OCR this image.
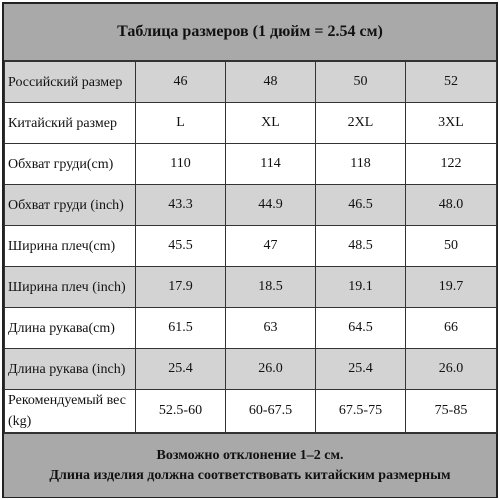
Таблица размеров (1 дюйм = 2.54 см)
Российский размер	46	48	50	52
Китайский размер	L	XL	2XL	3XL
Обхват груди(cm)	110	114	118	122
Обхват груди (inch)	43.3	44.9	46.5	48.0
Ширина плеч(cm)	45.5	47	48.5	50
Ширина плеч (inch)	17.9	18.5	19.1	19.7
Длина рукава(cm)	61.5	63	64.5	66
Длина рукава (inch)	25.4	26.0	25.4	26.0
Рекомендуемый вес (kg)	52.5-60	60-67.5	67.5-75	75-85
Возможно отклонение 1–2 см.
Длина изделия должна соответствовать китайским размерным
